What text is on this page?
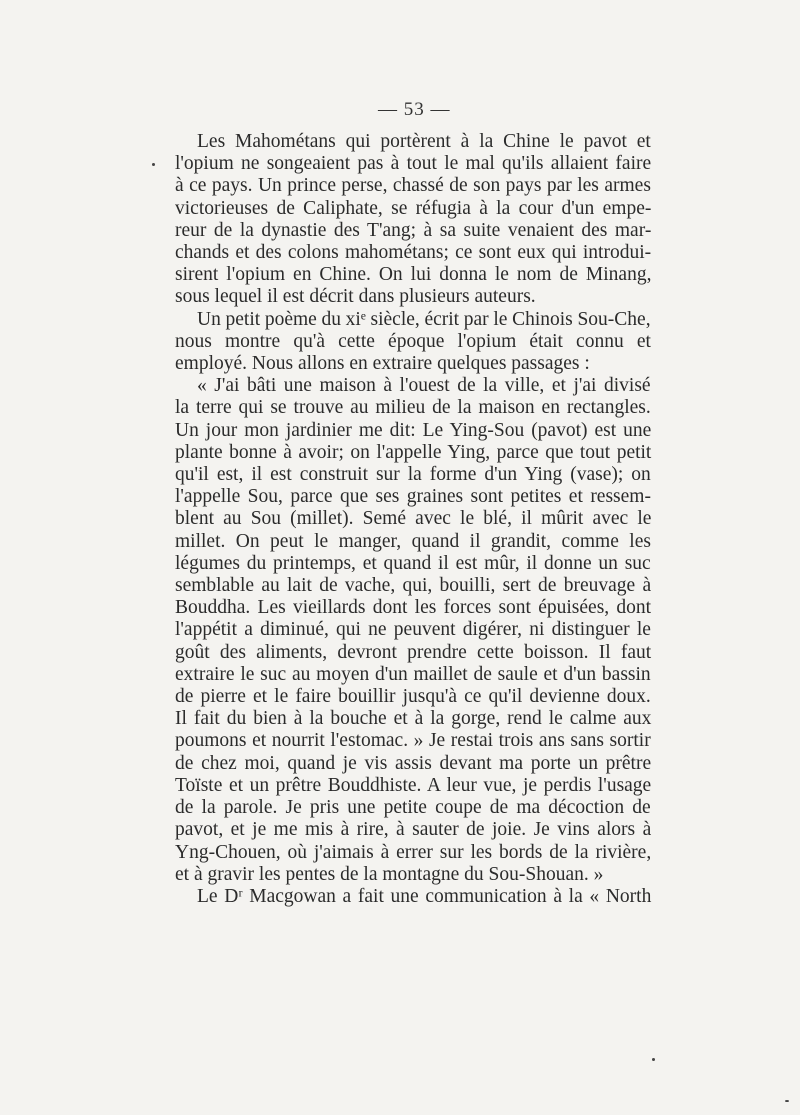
— 53 —
Les Mahométans qui portèrent à la Chine le pavot et
l'opium ne songeaient pas à tout le mal qu'ils allaient faire
à ce pays. Un prince perse, chassé de son pays par les armes
victorieuses de Caliphate, se réfugia à la cour d'un empe-
reur de la dynastie des T'ang; à sa suite venaient des mar-
chands et des colons mahométans; ce sont eux qui introdui-
sirent l'opium en Chine. On lui donna le nom de Minang,
sous lequel il est décrit dans plusieurs auteurs.
Un petit poème du xiᵉ siècle, écrit par le Chinois Sou-Che,
nous montre qu'à cette époque l'opium était connu et
employé. Nous allons en extraire quelques passages :
« J'ai bâti une maison à l'ouest de la ville, et j'ai divisé
la terre qui se trouve au milieu de la maison en rectangles.
Un jour mon jardinier me dit: Le Ying-Sou (pavot) est une
plante bonne à avoir; on l'appelle Ying, parce que tout petit
qu'il est, il est construit sur la forme d'un Ying (vase); on
l'appelle Sou, parce que ses graines sont petites et ressem-
blent au Sou (millet). Semé avec le blé, il mûrit avec le
millet. On peut le manger, quand il grandit, comme les
légumes du printemps, et quand il est mûr, il donne un suc
semblable au lait de vache, qui, bouilli, sert de breuvage à
Bouddha. Les vieillards dont les forces sont épuisées, dont
l'appétit a diminué, qui ne peuvent digérer, ni distinguer le
goût des aliments, devront prendre cette boisson. Il faut
extraire le suc au moyen d'un maillet de saule et d'un bassin
de pierre et le faire bouillir jusqu'à ce qu'il devienne doux.
Il fait du bien à la bouche et à la gorge, rend le calme aux
poumons et nourrit l'estomac. » Je restai trois ans sans sortir
de chez moi, quand je vis assis devant ma porte un prêtre
Toïste et un prêtre Bouddhiste. A leur vue, je perdis l'usage
de la parole. Je pris une petite coupe de ma décoction de
pavot, et je me mis à rire, à sauter de joie. Je vins alors à
Yng-Chouen, où j'aimais à errer sur les bords de la rivière,
et à gravir les pentes de la montagne du Sou-Shouan. »
Le Dʳ Macgowan a fait une communication à la « North
